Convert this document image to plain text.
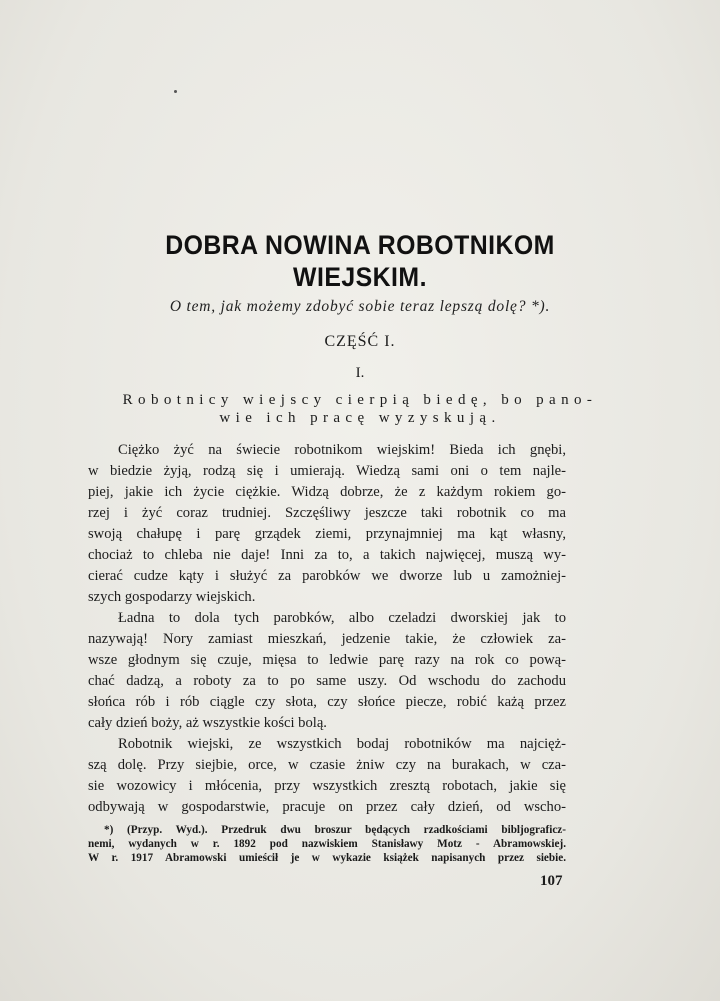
DOBRA NOWINA ROBOTNIKOM
WIEJSKIM.
O tem, jak możemy zdobyć sobie teraz lepszą dolę? *).
CZĘŚĆ I.
I.
Robotnicy wiejscy cierpią biedę, bo pano-
wie ich pracę wyzyskują.
Ciężko żyć na świecie robotnikom wiejskim! Bieda ich gnębi,
w biedzie żyją, rodzą się i umierają. Wiedzą sami oni o tem najle-
piej, jakie ich życie ciężkie. Widzą dobrze, że z każdym rokiem go-
rzej i żyć coraz trudniej. Szczęśliwy jeszcze taki robotnik co ma
swoją chałupę i parę grządek ziemi, przynajmniej ma kąt własny,
chociaż to chleba nie daje! Inni za to, a takich najwięcej, muszą wy-
cierać cudze kąty i służyć za parobków we dworze lub u zamożniej-
szych gospodarzy wiejskich.
Ładna to dola tych parobków, albo czeladzi dworskiej jak to
nazywają! Nory zamiast mieszkań, jedzenie takie, że człowiek za-
wsze głodnym się czuje, mięsa to ledwie parę razy na rok co pową-
chać dadzą, a roboty za to po same uszy. Od wschodu do zachodu
słońca rób i rób ciągle czy słota, czy słońce piecze, robić każą przez
cały dzień boży, aż wszystkie kości bolą.
Robotnik wiejski, ze wszystkich bodaj robotników ma najcięż-
szą dolę. Przy siejbie, orce, w czasie żniw czy na burakach, w cza-
sie wozowicy i młócenia, przy wszystkich zresztą robotach, jakie się
odbywają w gospodarstwie, pracuje on przez cały dzień, od wscho-
*) (Przyp. Wyd.). Przedruk dwu broszur będących rzadkościami bibljograficz-
nemi, wydanych w r. 1892 pod nazwiskiem Stanisławy Motz - Abramowskiej.
W r. 1917 Abramowski umieścił je w wykazie książek napisanych przez siebie.
107
